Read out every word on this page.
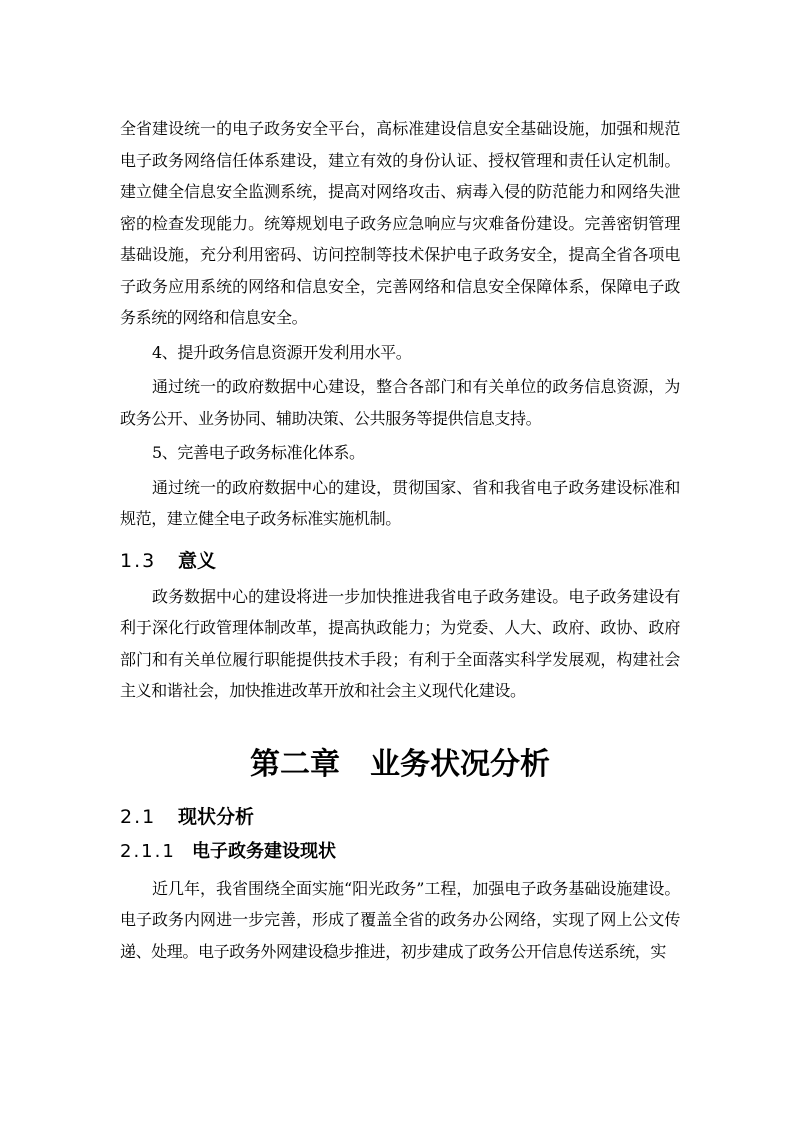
全省建设统一的电子政务安全平台，高标准建设信息安全基础设施，加强和规范电子政务网络信任体系建设，建立有效的身份认证、授权管理和责任认定机制。建立健全信息安全监测系统，提高对网络攻击、病毒入侵的防范能力和网络失泄密的检查发现能力。统筹规划电子政务应急响应与灾难备份建设。完善密钥管理基础设施，充分利用密码、访问控制等技术保护电子政务安全，提高全省各项电子政务应用系统的网络和信息安全，完善网络和信息安全保障体系，保障电子政务系统的网络和信息安全。

4、提升政务信息资源开发利用水平。

通过统一的政府数据中心建设，整合各部门和有关单位的政务信息资源，为政务公开、业务协同、辅助决策、公共服务等提供信息支持。

5、完善电子政务标准化体系。

通过统一的政府数据中心的建设，贯彻国家、省和我省电子政务建设标准和规范，建立健全电子政务标准实施机制。

1.3 意义

政务数据中心的建设将进一步加快推进我省电子政务建设。电子政务建设有利于深化行政管理体制改革，提高执政能力；为党委、人大、政府、政协、政府部门和有关单位履行职能提供技术手段；有利于全面落实科学发展观，构建社会主义和谐社会，加快推进改革开放和社会主义现代化建设。

第二章　业务状况分析
2.1 现状分析
2.1.1 电子政务建设现状

近几年，我省围绕全面实施“阳光政务”工程，加强电子政务基础设施建设。电子政务内网进一步完善，形成了覆盖全省的政务办公网络，实现了网上公文传递、处理。电子政务外网建设稳步推进，初步建成了政务公开信息传送系统，实
